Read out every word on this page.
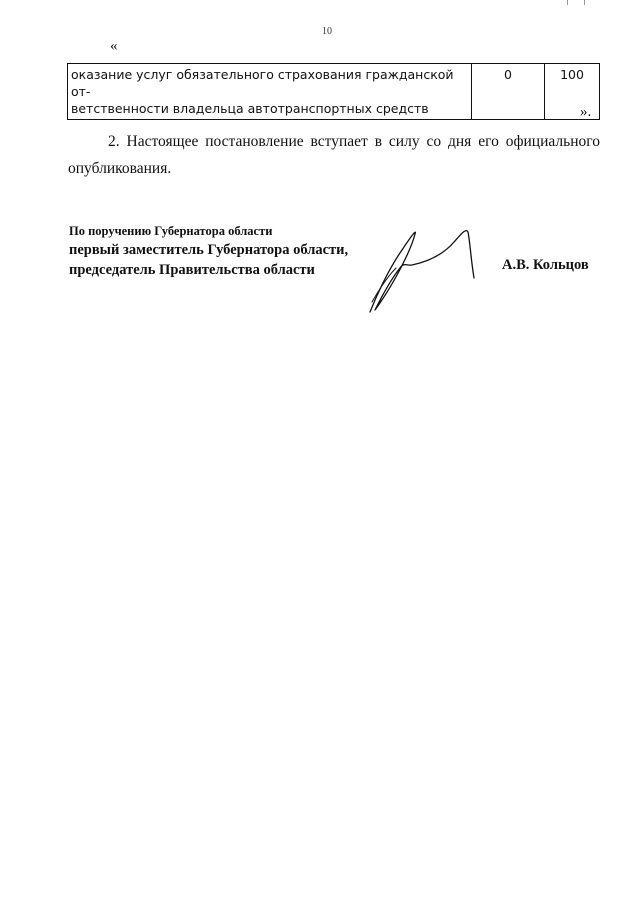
10
«
оказание услуг обязательного страхования гражданской от-
ветственности владельца автотранспортных средств	0	100
».
2. Настоящее постановление вступает в силу со дня его официального опубликования.
По поручению Губернатора области
первый заместитель Губернатора области,
председатель Правительства области	А.В. Кольцов
